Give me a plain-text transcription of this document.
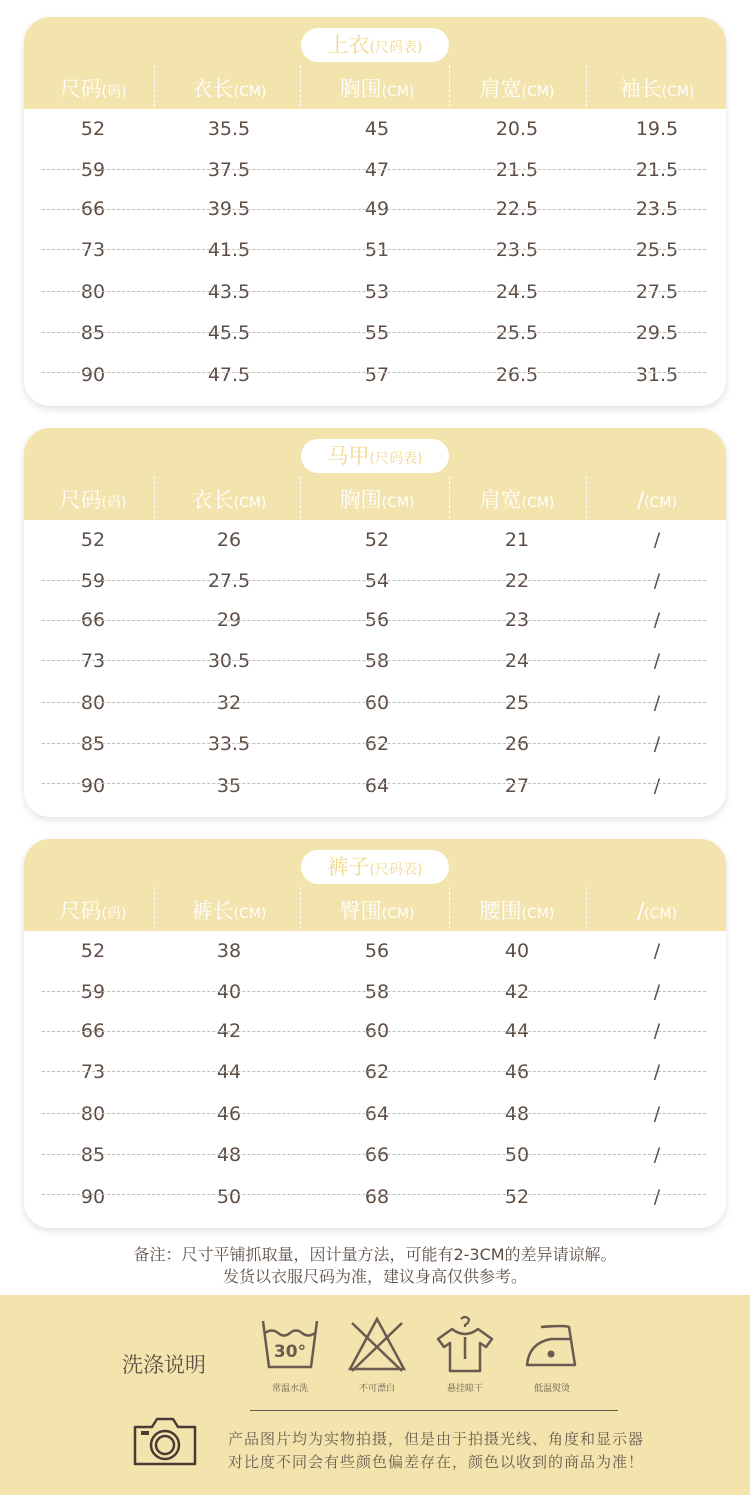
上衣(尺码表)
尺码(码)	衣长(CM)	胸围(CM)	肩宽(CM)	袖长(CM)
52	35.5	45	20.5	19.5
59	37.5	47	21.5	21.5
66	39.5	49	22.5	23.5
73	41.5	51	23.5	25.5
80	43.5	53	24.5	27.5
85	45.5	55	25.5	29.5
90	47.5	57	26.5	31.5
马甲(尺码表)
尺码(码)	衣长(CM)	胸围(CM)	肩宽(CM)	/(CM)
52	26	52	21	/
59	27.5	54	22	/
66	29	56	23	/
73	30.5	58	24	/
80	32	60	25	/
85	33.5	62	26	/
90	35	64	27	/
裤子(尺码表)
尺码(码)	裤长(CM)	臀围(CM)	腰围(CM)	/(CM)
52	38	56	40	/
59	40	58	42	/
66	42	60	44	/
73	44	62	46	/
80	46	64	48	/
85	48	66	50	/
90	50	68	52	/
备注：尺寸平铺抓取量，因计量方法，可能有2-3CM的差异请谅解。
发货以衣服尺码为准，建议身高仅供参考。
洗涤说明
30°
常温水洗	不可漂白	悬挂晾干	低温熨烫
产品图片均为实物拍摄，但是由于拍摄光线、角度和显示器
对比度不同会有些颜色偏差存在，颜色以收到的商品为准！
